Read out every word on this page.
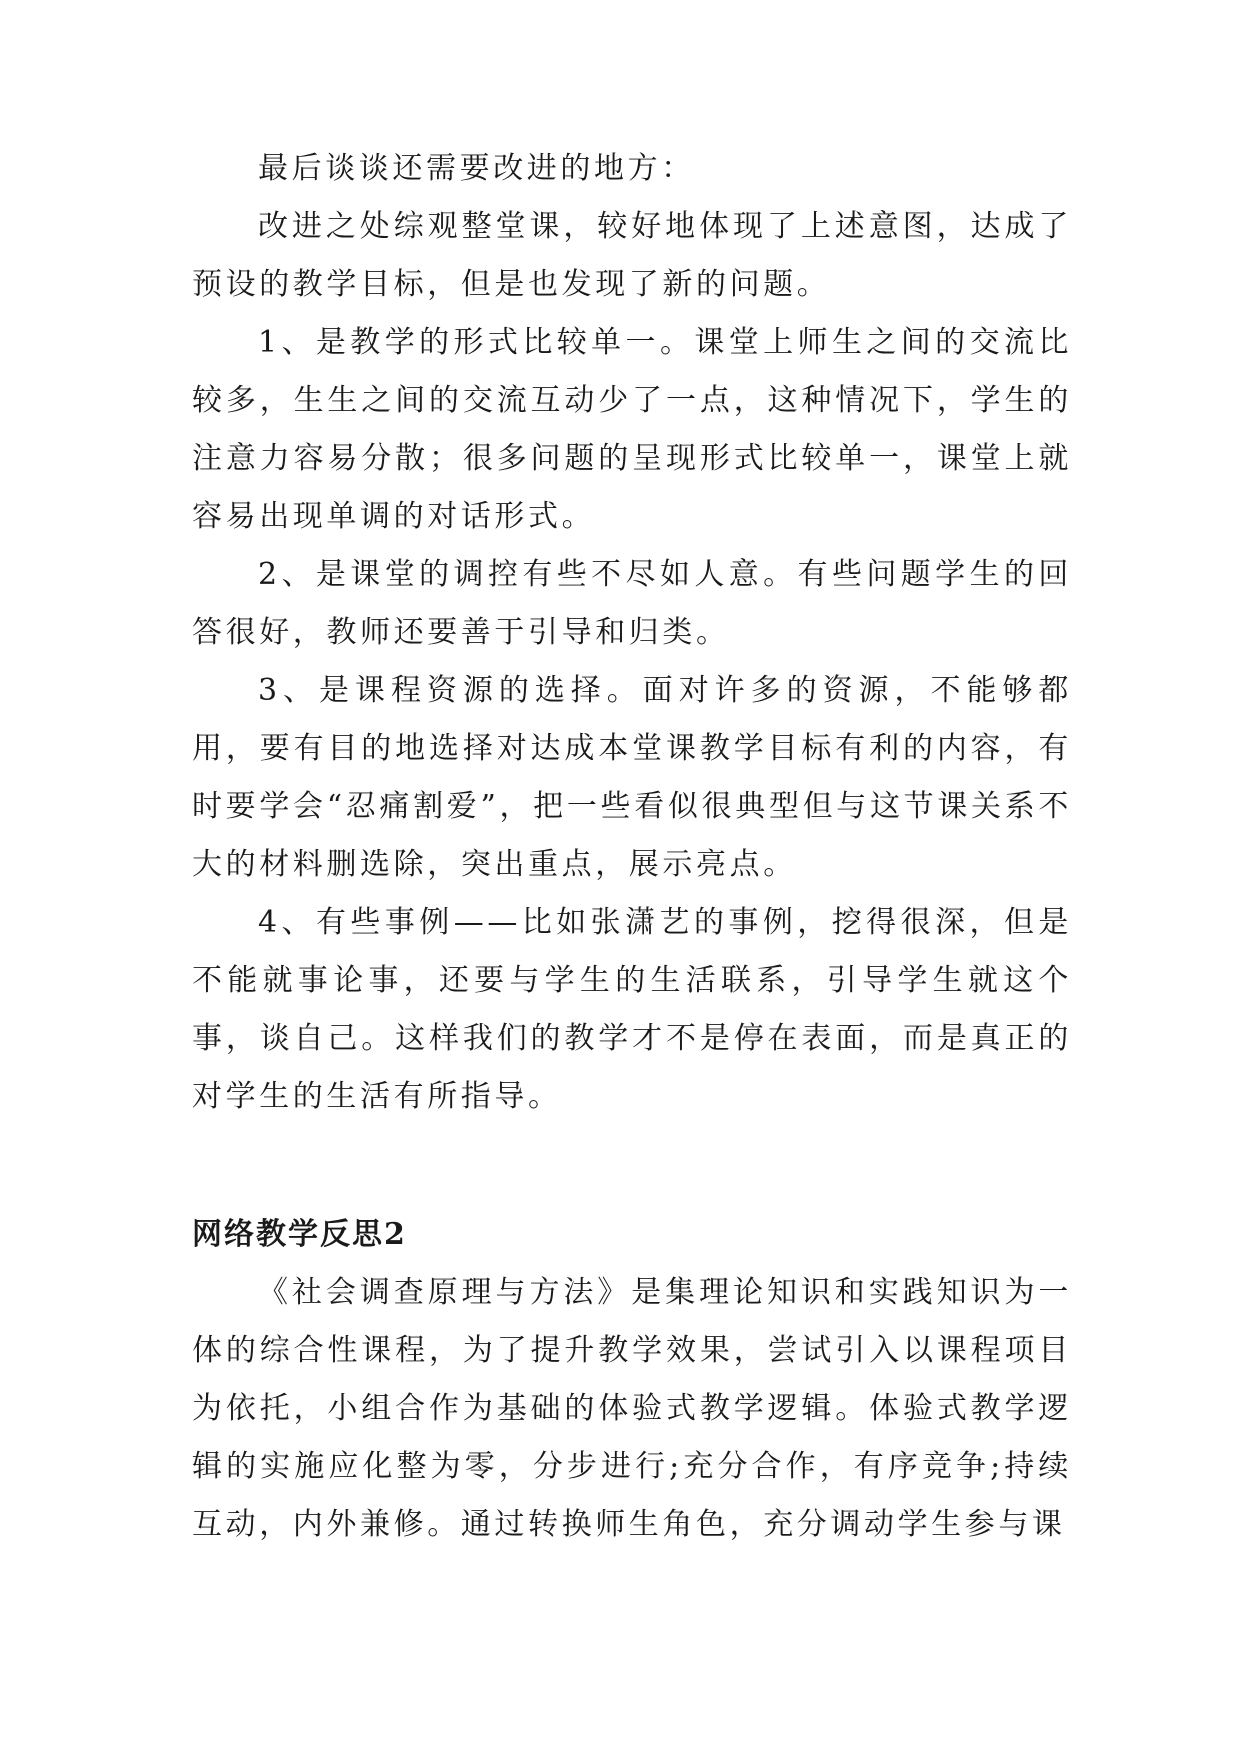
最后谈谈还需要改进的地方：

改进之处综观整堂课，较好地体现了上述意图，达成了预设的教学目标，但是也发现了新的问题。

1、是教学的形式比较单一。课堂上师生之间的交流比较多，生生之间的交流互动少了一点，这种情况下，学生的注意力容易分散；很多问题的呈现形式比较单一，课堂上就容易出现单调的对话形式。

2、是课堂的调控有些不尽如人意。有些问题学生的回答很好，教师还要善于引导和归类。

3、是课程资源的选择。面对许多的资源，不能够都用，要有目的地选择对达成本堂课教学目标有利的内容，有时要学会“忍痛割爱”，把一些看似很典型但与这节课关系不大的材料删选除，突出重点，展示亮点。

4、有些事例——比如张潇艺的事例，挖得很深，但是不能就事论事，还要与学生的生活联系，引导学生就这个事，谈自己。这样我们的教学才不是停在表面，而是真正的对学生的生活有所指导。

网络教学反思2

《社会调查原理与方法》是集理论知识和实践知识为一体的综合性课程，为了提升教学效果，尝试引入以课程项目为依托，小组合作为基础的体验式教学逻辑。体验式教学逻辑的实施应化整为零，分步进行;充分合作，有序竞争;持续互动，内外兼修。通过转换师生角色，充分调动学生参与课
